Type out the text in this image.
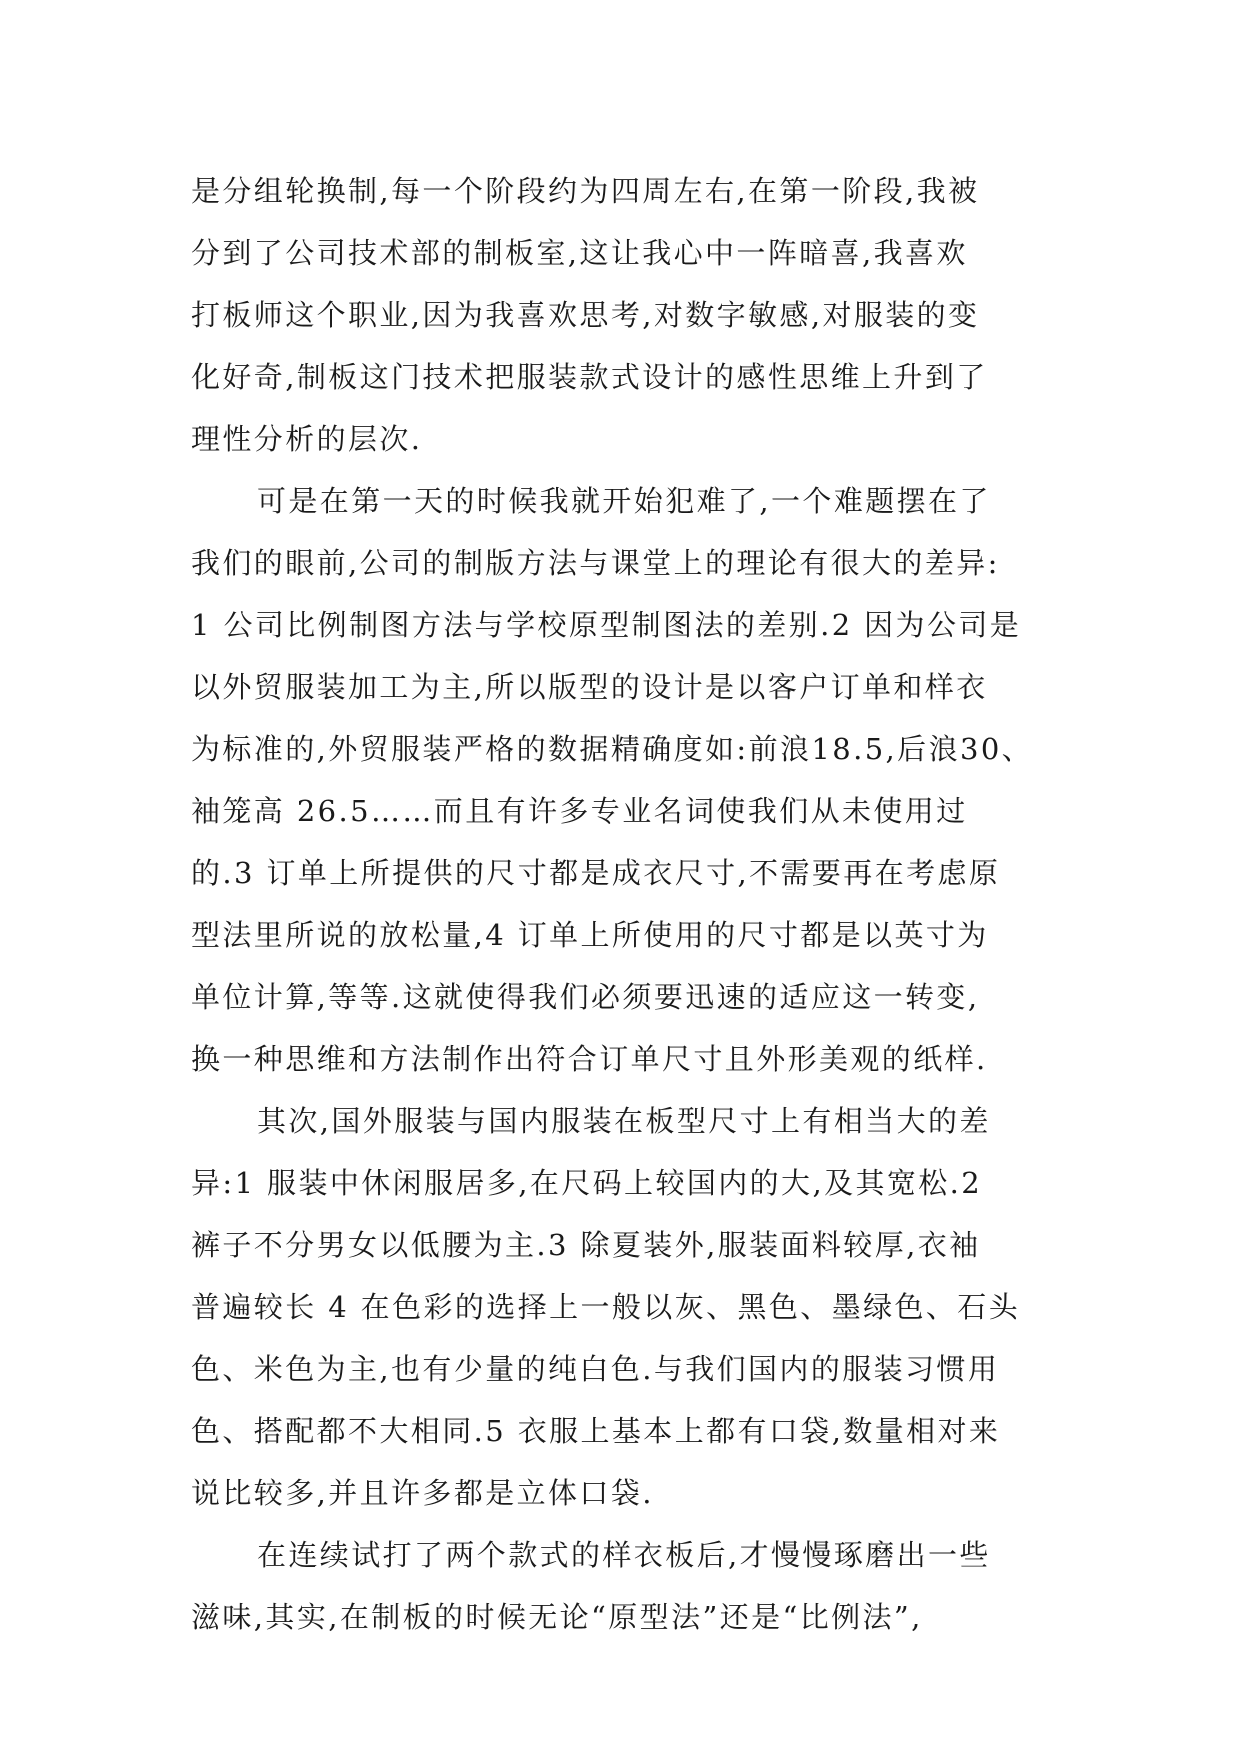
是分组轮换制,每一个阶段约为四周左右,在第一阶段,我被
分到了公司技术部的制板室,这让我心中一阵暗喜,我喜欢
打板师这个职业,因为我喜欢思考,对数字敏感,对服装的变
化好奇,制板这门技术把服装款式设计的感性思维上升到了
理性分析的层次.
可是在第一天的时候我就开始犯难了,一个难题摆在了
我们的眼前,公司的制版方法与课堂上的理论有很大的差异:
1 公司比例制图方法与学校原型制图法的差别.2 因为公司是
以外贸服装加工为主,所以版型的设计是以客户订单和样衣
为标准的,外贸服装严格的数据精确度如:前浪18.5,后浪30、
袖笼高 26.5……而且有许多专业名词使我们从未使用过
的.3 订单上所提供的尺寸都是成衣尺寸,不需要再在考虑原
型法里所说的放松量,4 订单上所使用的尺寸都是以英寸为
单位计算,等等.这就使得我们必须要迅速的适应这一转变,
换一种思维和方法制作出符合订单尺寸且外形美观的纸样.
其次,国外服装与国内服装在板型尺寸上有相当大的差
异:1 服装中休闲服居多,在尺码上较国内的大,及其宽松.2
裤子不分男女以低腰为主.3 除夏装外,服装面料较厚,衣袖
普遍较长 4 在色彩的选择上一般以灰、黑色、墨绿色、石头
色、米色为主,也有少量的纯白色.与我们国内的服装习惯用
色、搭配都不大相同.5 衣服上基本上都有口袋,数量相对来
说比较多,并且许多都是立体口袋.
在连续试打了两个款式的样衣板后,才慢慢琢磨出一些
滋味,其实,在制板的时候无论“原型法”还是“比例法”,
